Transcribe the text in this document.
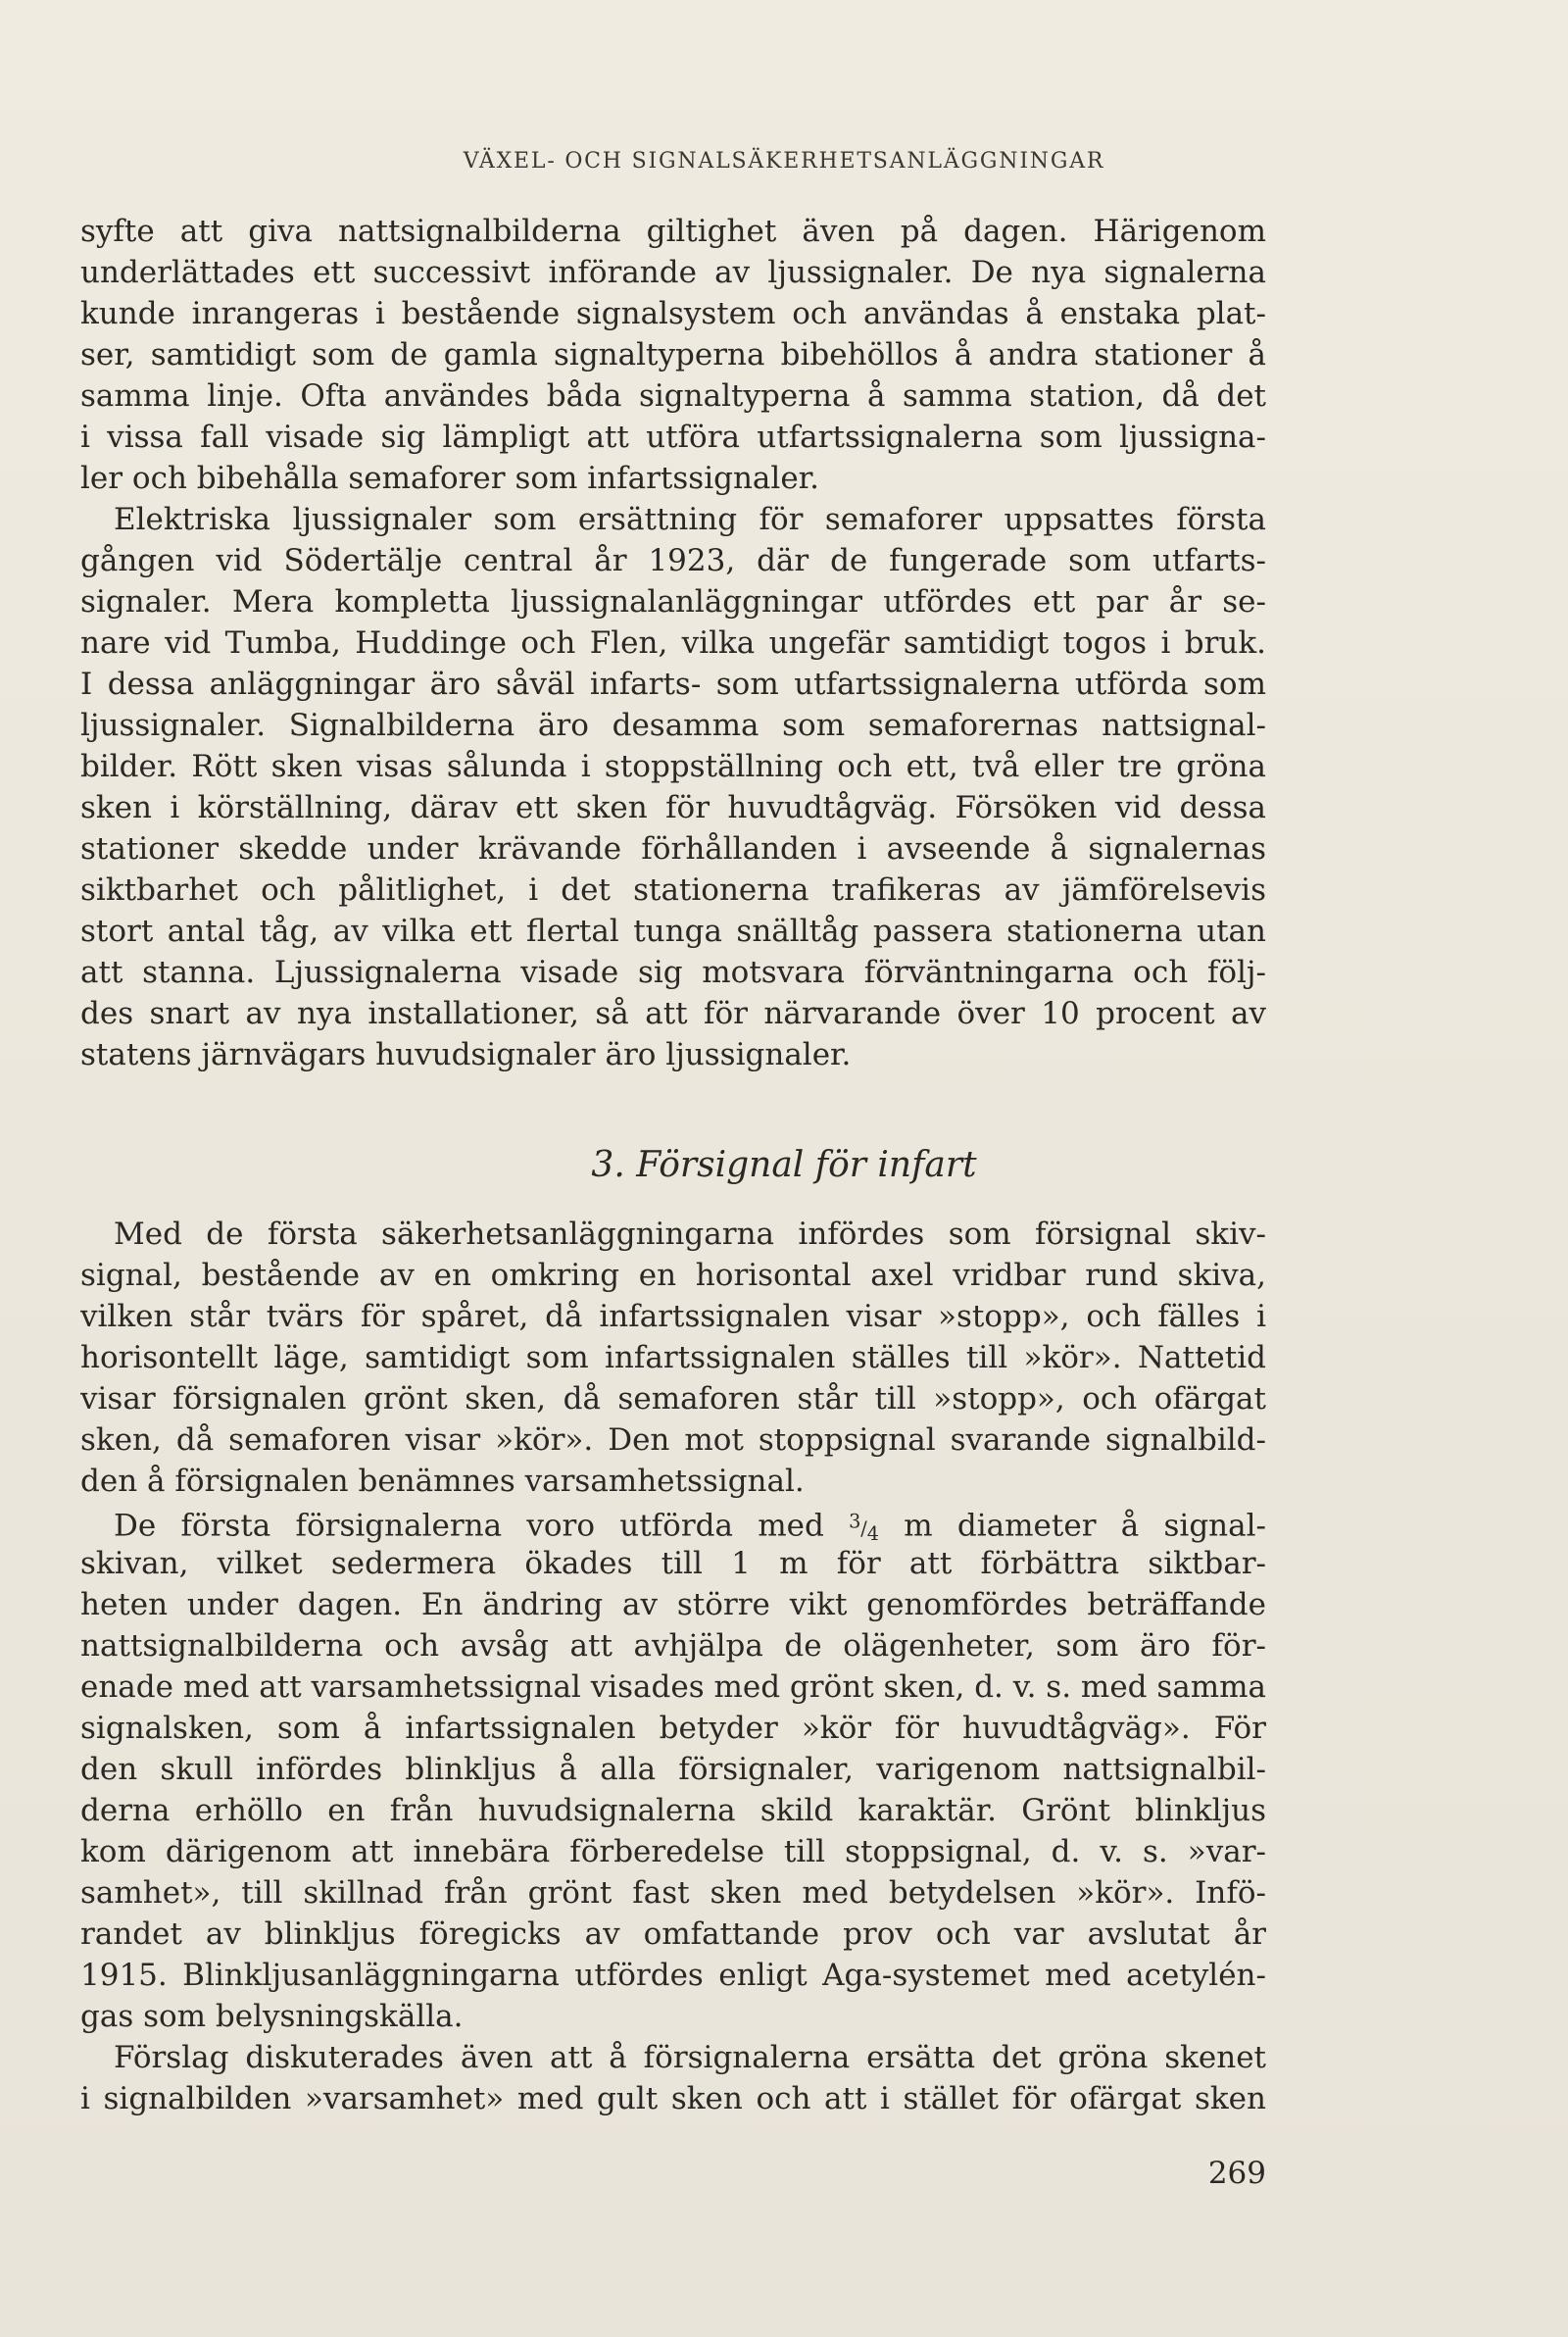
VÄXEL- OCH SIGNALSÄKERHETSANLÄGGNINGAR
syfte att giva nattsignalbilderna giltighet även på dagen. Härigenom
underlättades ett successivt införande av ljussignaler. De nya signalerna
kunde inrangeras i bestående signalsystem och användas å enstaka plat-
ser, samtidigt som de gamla signaltyperna bibehöllos å andra stationer å
samma linje. Ofta användes båda signaltyperna å samma station, då det
i vissa fall visade sig lämpligt att utföra utfartssignalerna som ljussigna-
ler och bibehålla semaforer som infartssignaler.
Elektriska ljussignaler som ersättning för semaforer uppsattes första
gången vid Södertälje central år 1923, där de fungerade som utfarts-
signaler. Mera kompletta ljussignalanläggningar utfördes ett par år se-
nare vid Tumba, Huddinge och Flen, vilka ungefär samtidigt togos i bruk.
I dessa anläggningar äro såväl infarts- som utfartssignalerna utförda som
ljussignaler. Signalbilderna äro desamma som semaforernas nattsignal-
bilder. Rött sken visas sålunda i stoppställning och ett, två eller tre gröna
sken i körställning, därav ett sken för huvudtågväg. Försöken vid dessa
stationer skedde under krävande förhållanden i avseende å signalernas
siktbarhet och pålitlighet, i det stationerna trafikeras av jämförelsevis
stort antal tåg, av vilka ett flertal tunga snälltåg passera stationerna utan
att stanna. Ljussignalerna visade sig motsvara förväntningarna och följ-
des snart av nya installationer, så att för närvarande över 10 procent av
statens järnvägars huvudsignaler äro ljussignaler.
3. Försignal för infart
Med de första säkerhetsanläggningarna infördes som försignal skiv-
signal, bestående av en omkring en horisontal axel vridbar rund skiva,
vilken står tvärs för spåret, då infartssignalen visar »stopp», och fälles i
horisontellt läge, samtidigt som infartssignalen ställes till »kör». Nattetid
visar försignalen grönt sken, då semaforen står till »stopp», och ofärgat
sken, då semaforen visar »kör». Den mot stoppsignal svarande signalbild-
den å försignalen benämnes varsamhetssignal.
De första försignalerna voro utförda med $^3/_4$ m diameter å signal-
skivan, vilket sedermera ökades till 1 m för att förbättra siktbar-
heten under dagen. En ändring av större vikt genomfördes beträffande
nattsignalbilderna och avsåg att avhjälpa de olägenheter, som äro för-
enade med att varsamhetssignal visades med grönt sken, d. v. s. med samma
signalsken, som å infartssignalen betyder »kör för huvudtågväg». För
den skull infördes blinkljus å alla försignaler, varigenom nattsignalbil-
derna erhöllo en från huvudsignalerna skild karaktär. Grönt blinkljus
kom därigenom att innebära förberedelse till stoppsignal, d. v. s. »var-
samhet», till skillnad från grönt fast sken med betydelsen »kör». Infö-
randet av blinkljus föregicks av omfattande prov och var avslutat år
1915. Blinkljusanläggningarna utfördes enligt Aga-systemet med acetylén-
gas som belysningskälla.
Förslag diskuterades även att å försignalerna ersätta det gröna skenet
i signalbilden »varsamhet» med gult sken och att i stället för ofärgat sken
269
